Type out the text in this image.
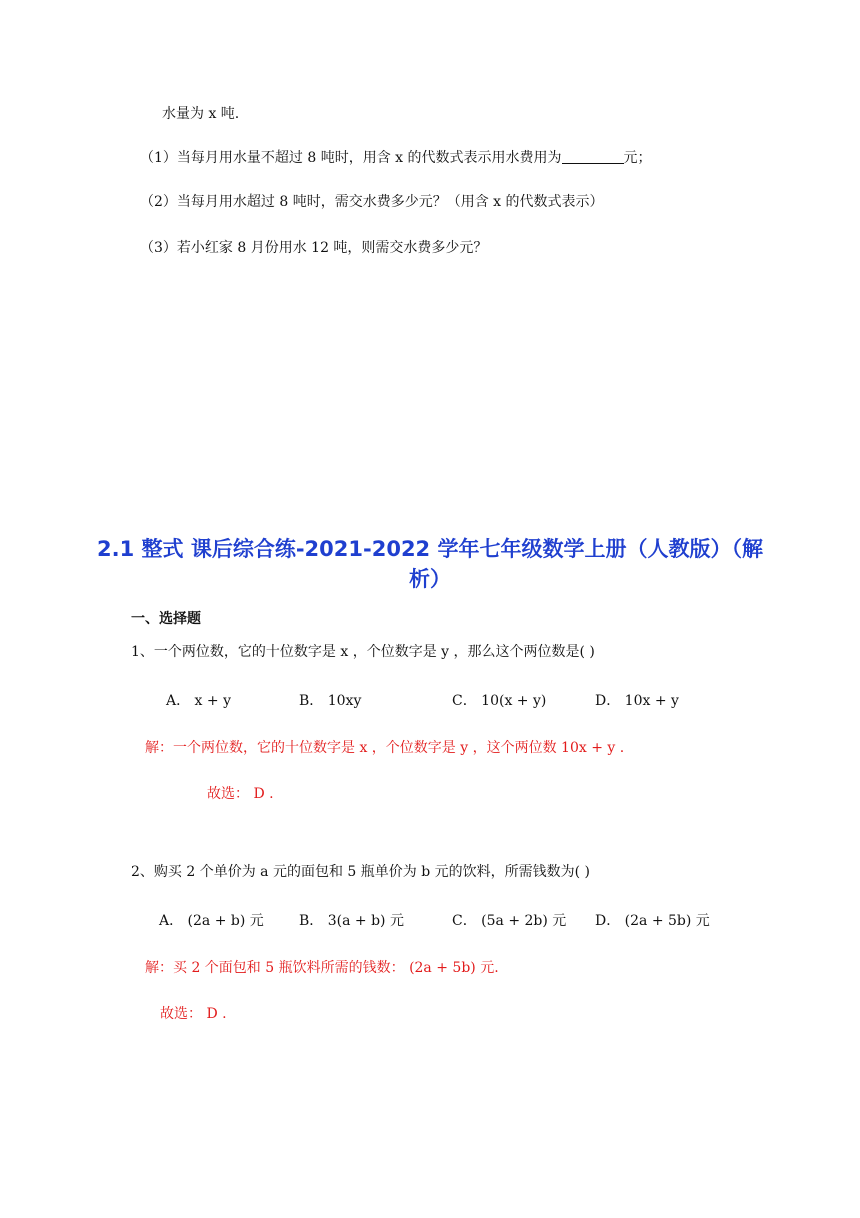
水量为 x 吨.
（1）当每月用水量不超过 8 吨时，用含 x 的代数式表示用水费用为	元；
（2）当每月用水超过 8 吨时，需交水费多少元？（用含 x 的代数式表示）
（3）若小红家 8 月份用水 12 吨，则需交水费多少元？
2.1 整式 课后综合练-2021-2022 学年七年级数学上册（人教版）（解
析）
一、选择题
1、一个两位数，它的十位数字是 x ，个位数字是 y ，那么这个两位数是( )
A． x + y	B． 10xy	C． 10(x + y)	D． 10x + y
解：一个两位数，它的十位数字是 x ，个位数字是 y ，这个两位数 10x + y .
故选： D .
2、购买 2 个单价为 a 元的面包和 5 瓶单价为 b 元的饮料，所需钱数为( )
A． (2a + b) 元	B． 3(a + b) 元	C． (5a + 2b) 元 D． (2a + 5b) 元
解：买 2 个面包和 5 瓶饮料所需的钱数： (2a + 5b) 元.
故选： D .
